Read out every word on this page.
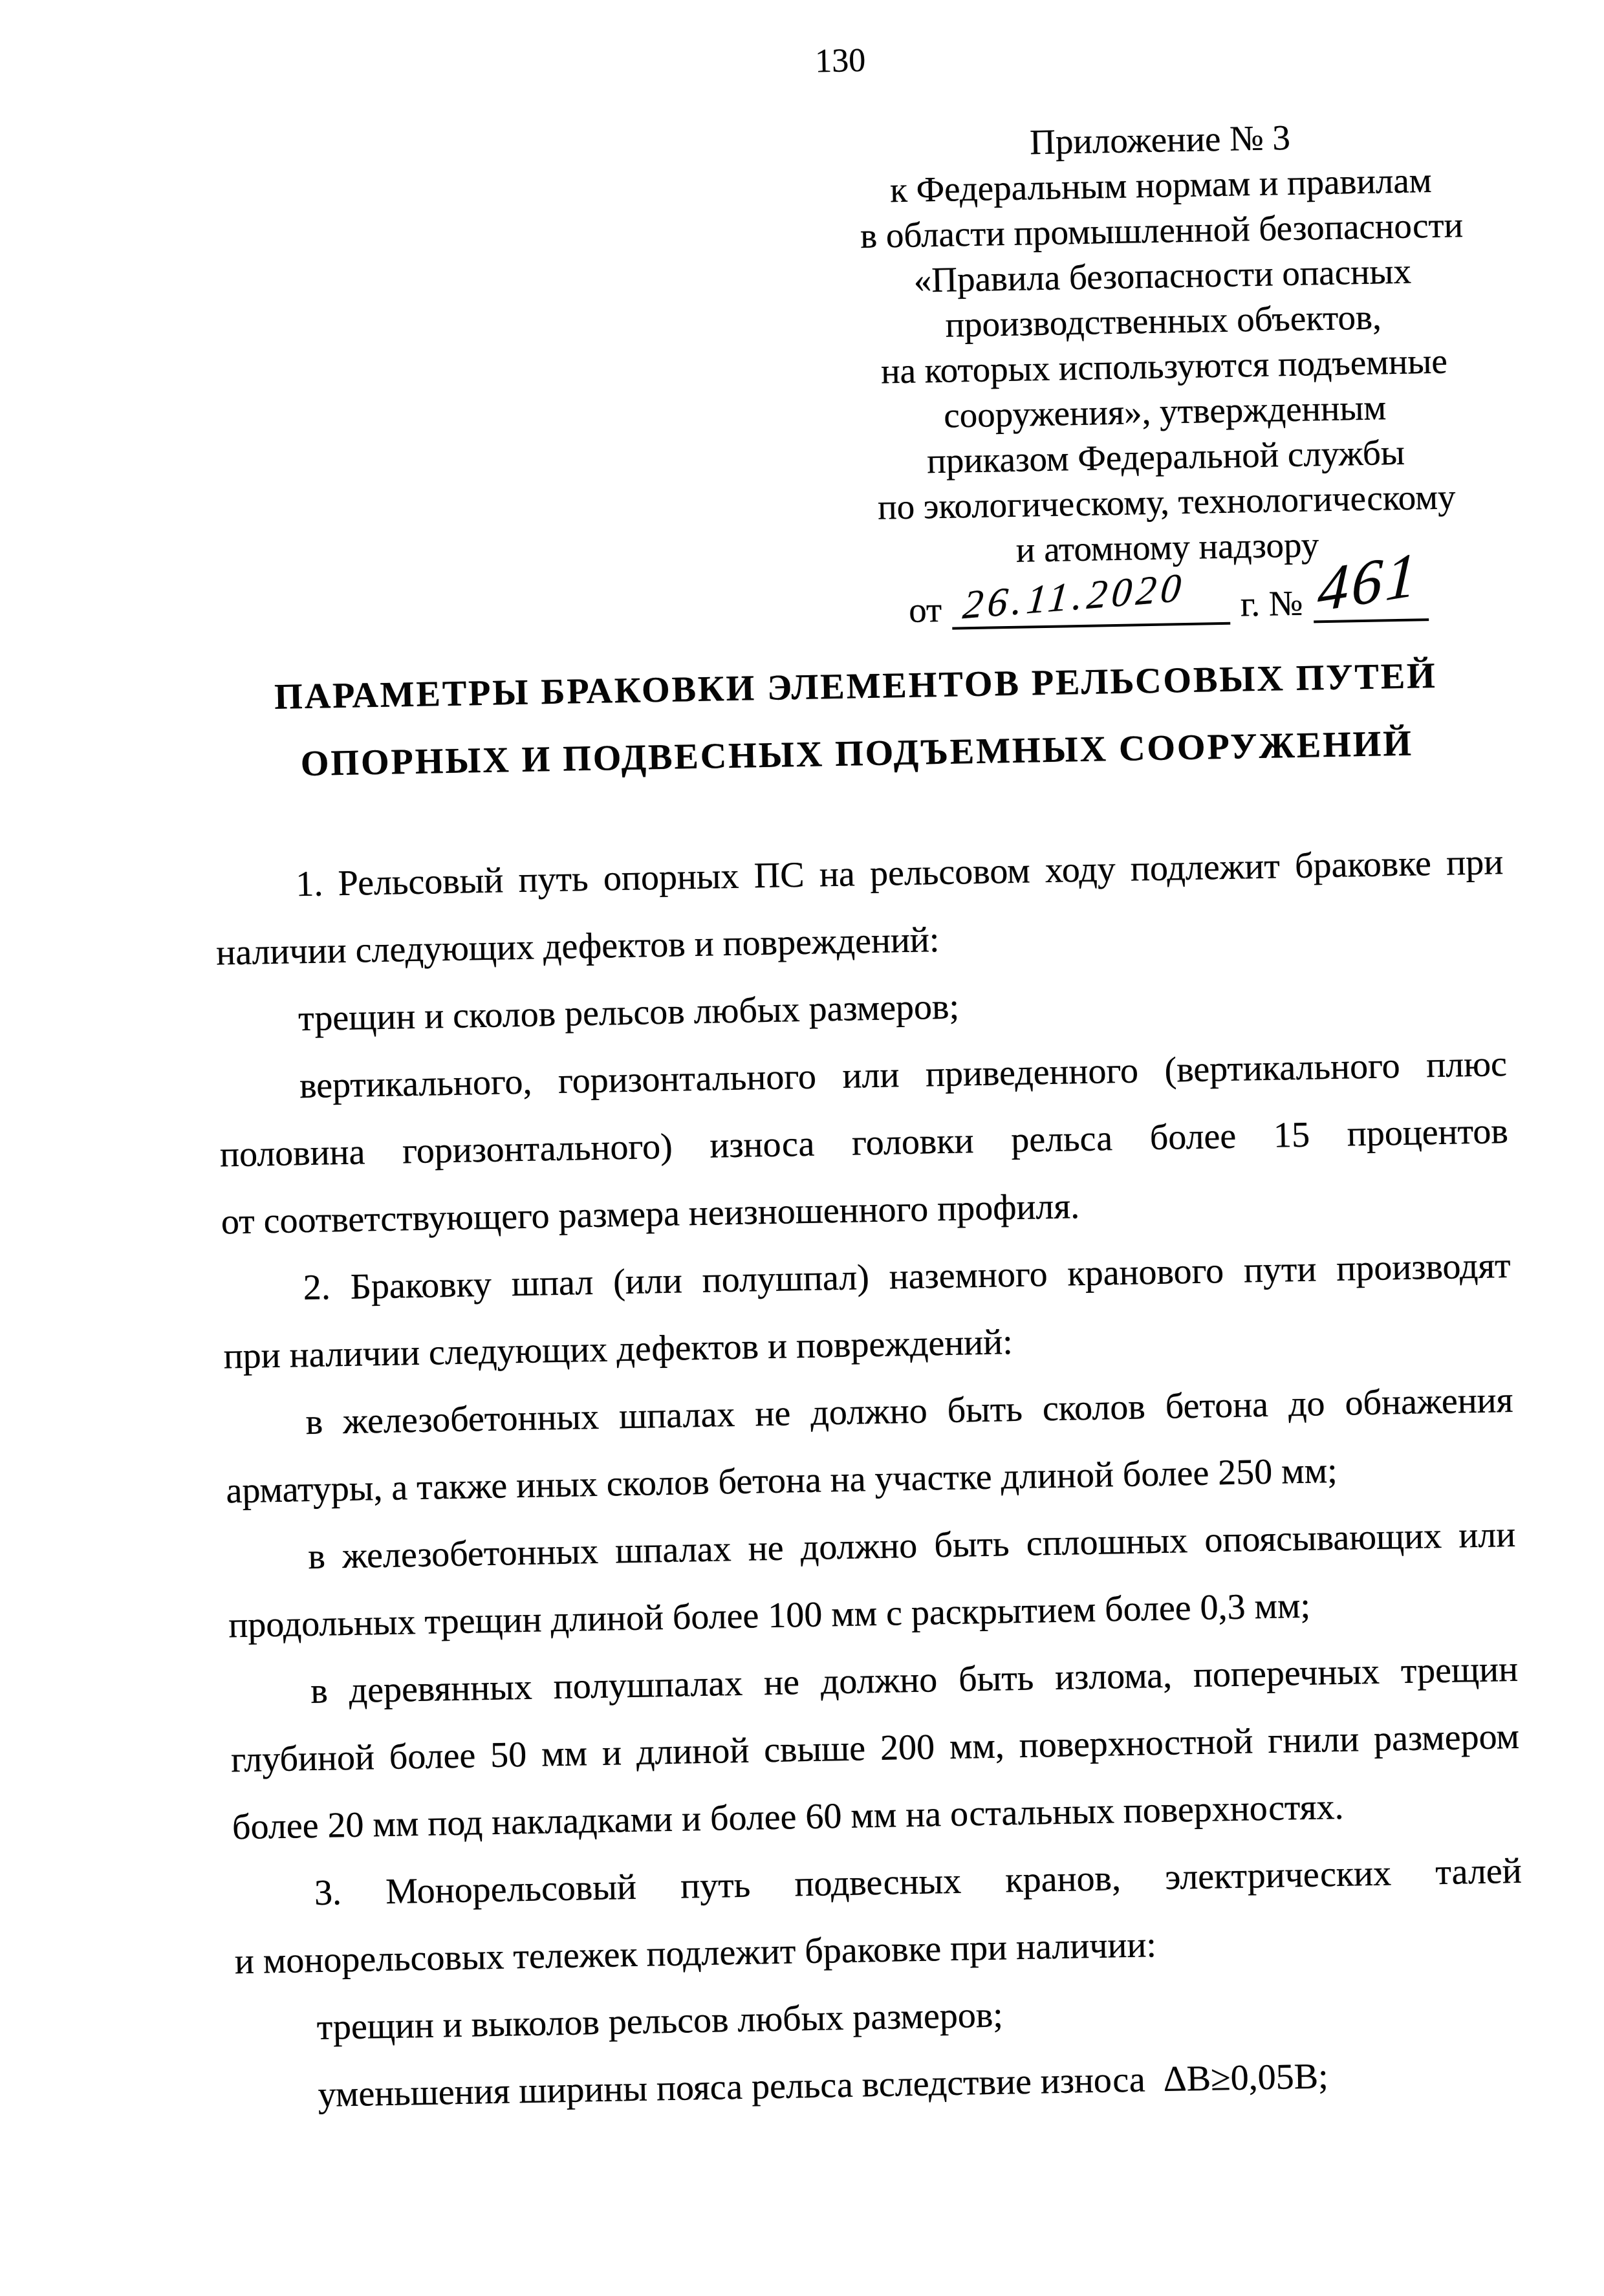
130
Приложение № 3
к Федеральным нормам и правилам
в области промышленной безопасности
«Правила безопасности опасных
производственных объектов,
на которых используются подъемные
сооружения», утвержденным
приказом Федеральной службы
по экологическому, технологическому
и атомному надзору
от 26.11.2020 г. № 461
ПАРАМЕТРЫ БРАКОВКИ ЭЛЕМЕНТОВ РЕЛЬСОВЫХ ПУТЕЙ
ОПОРНЫХ И ПОДВЕСНЫХ ПОДЪЕМНЫХ СООРУЖЕНИЙ
1. Рельсовый путь опорных ПС на рельсовом ходу подлежит браковке при
наличии следующих дефектов и повреждений:
трещин и сколов рельсов любых размеров;
вертикального, горизонтального или приведенного (вертикального плюс
половина горизонтального) износа головки рельса более 15 процентов
от соответствующего размера неизношенного профиля.
2. Браковку шпал (или полушпал) наземного кранового пути производят
при наличии следующих дефектов и повреждений:
в железобетонных шпалах не должно быть сколов бетона до обнажения
арматуры, а также иных сколов бетона на участке длиной более 250 мм;
в железобетонных шпалах не должно быть сплошных опоясывающих или
продольных трещин длиной более 100 мм с раскрытием более 0,3 мм;
в деревянных полушпалах не должно быть излома, поперечных трещин
глубиной более 50 мм и длиной свыше 200 мм, поверхностной гнили размером
более 20 мм под накладками и более 60 мм на остальных поверхностях.
3. Монорельсовый путь подвесных кранов, электрических талей
и монорельсовых тележек подлежит браковке при наличии:
трещин и выколов рельсов любых размеров;
уменьшения ширины пояса рельса вследствие износа  ΔВ≥0,05В;
